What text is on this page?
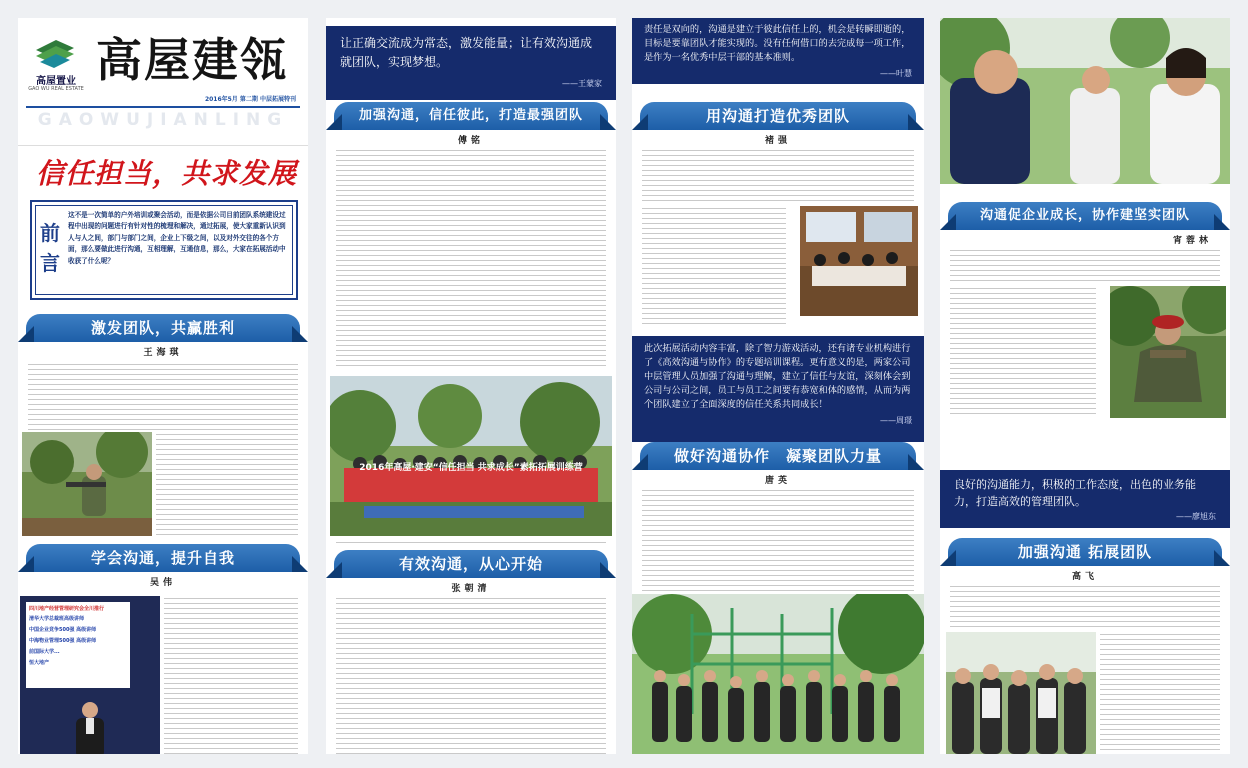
高屋置业
GAO WU REAL ESTATE
高屋建瓴
2016年5月 第二期 中层拓展特刊
GAOWUJIANLING
信任担当，共求发展
前言
这不是一次简单的户外培训或聚会活动，而是依据公司目前团队系统建设过程中出现的问题进行有针对性的梳理和解决，通过拓展，使大家重新认识到人与人之间，部门与部门之间，企业上下级之间，以及对外交往的各个方面，那么要做此进行沟通，互相理解，互通信息，那么，大家在拓展活动中收获了什么呢？
激发团队，共赢胜利
王海琪
学会沟通，提升自我
吴伟
四川地产经营管理研究会全川推行
清华大学总裁班高级讲师
中国企业竞争500强 高级讲师
中海物业管理500强 高级讲师
前国际大学...
恒大地产
让正确交流成为常态，激发能量；让有效沟通成就团队，实现梦想。
——王蒙家
加强沟通，信任彼此，打造最强团队
傅铭
2016年高屋·建安“信任担当 共求成长”素拓拓展训练营
有效沟通，从心开始
张朝清
责任是双向的，沟通是建立于彼此信任上的，机会是转瞬即逝的，目标是要靠团队才能实现的。没有任何借口的去完成每一项工作，是作为一名优秀中层干部的基本准则。
——叶慧
用沟通打造优秀团队
褚强
此次拓展活动内容丰富，除了智力游戏活动，还有诸专业机构进行了《高效沟通与协作》的专题培训课程。更有意义的是，两家公司中层管理人员加强了沟通与理解，建立了信任与友谊，深刻体会到公司与公司之间，员工与员工之间要有恭宽和体的感情，从而为两个团队建立了全面深度的信任关系共同成长！
——周璟
做好沟通协作　凝聚团队力量
唐英
沟通促企业成长，协作建坚实团队
宵蓉林
良好的沟通能力，积极的工作态度，出色的业务能力，打造高效的管理团队。
——廖旭东
加强沟通 拓展团队
高飞
